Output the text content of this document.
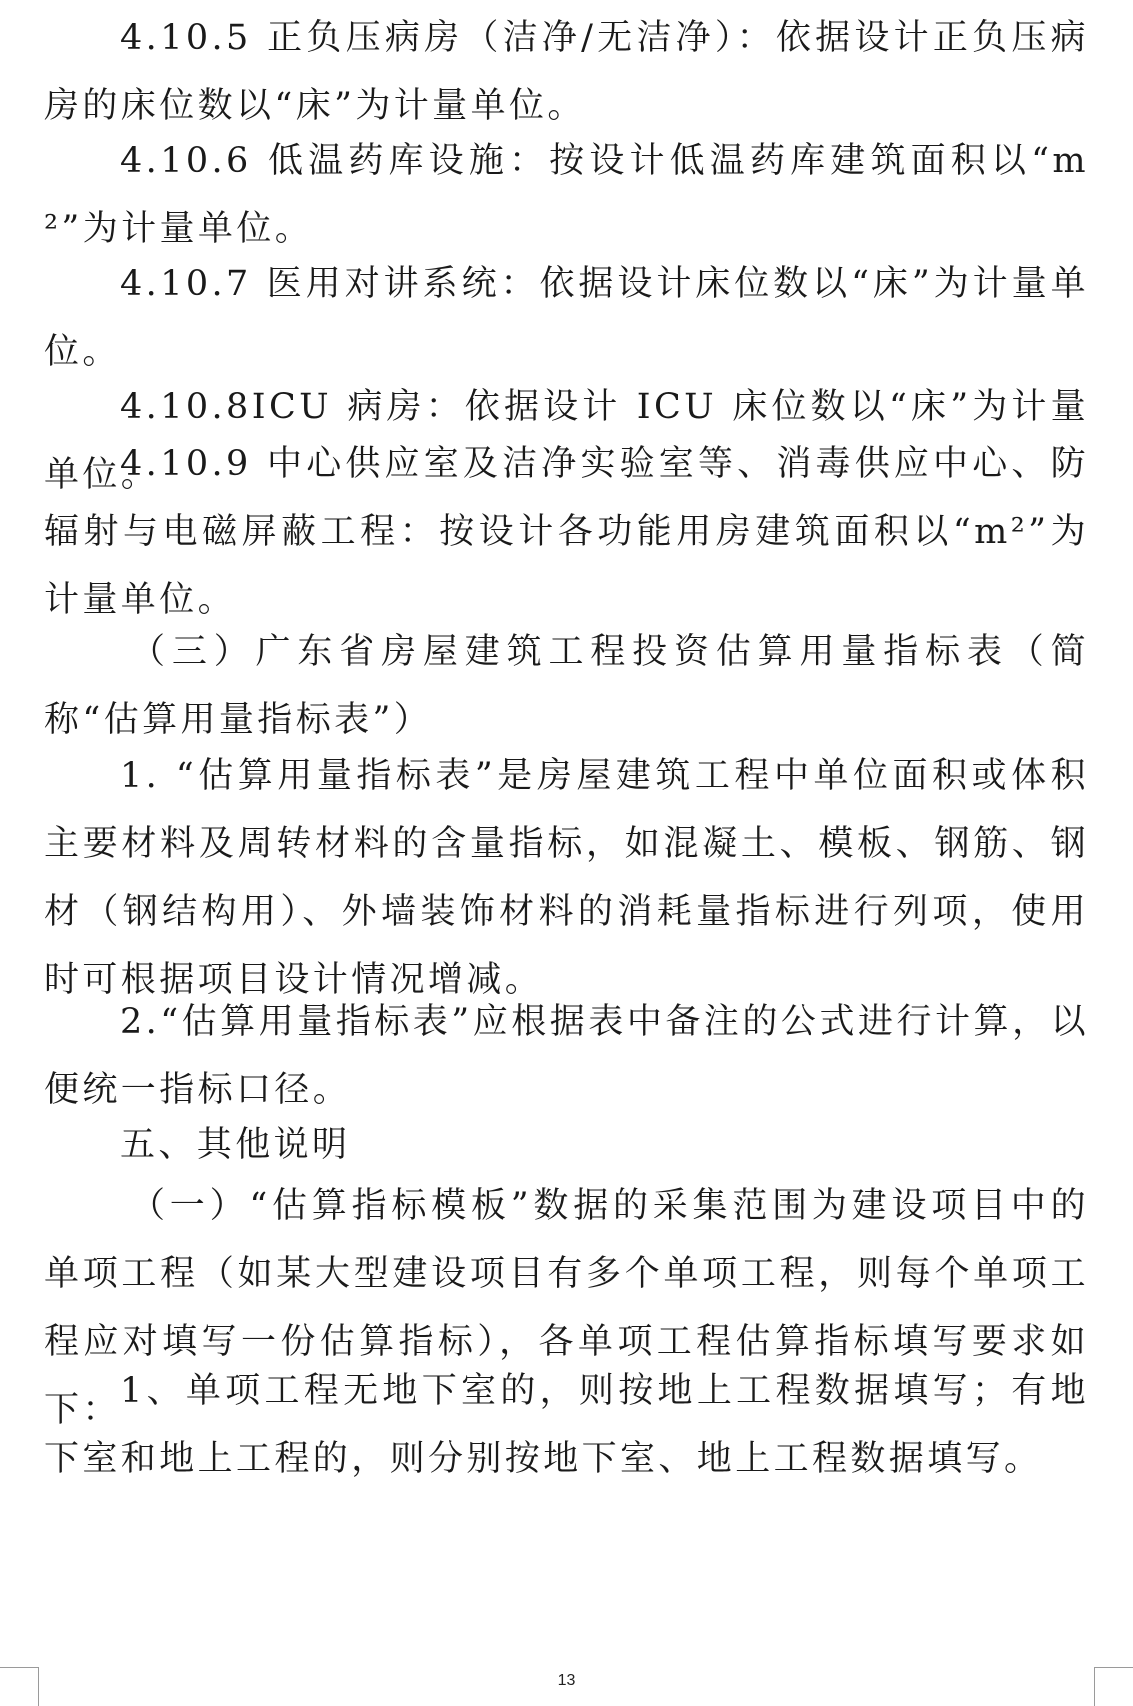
4.10.5 正负压病房（洁净/无洁净）：依据设计正负压病房的床位数以“床”为计量单位。

4.10.6 低温药库设施：按设计低温药库建筑面积以“m²”为计量单位。

4.10.7 医用对讲系统：依据设计床位数以“床”为计量单位。

4.10.8ICU 病房：依据设计 ICU 床位数以“床”为计量单位。

4.10.9 中心供应室及洁净实验室等、消毒供应中心、防辐射与电磁屏蔽工程：按设计各功能用房建筑面积以“m²”为计量单位。

（三）广东省房屋建筑工程投资估算用量指标表（简称“估算用量指标表”）

1. “估算用量指标表”是房屋建筑工程中单位面积或体积主要材料及周转材料的含量指标，如混凝土、模板、钢筋、钢材（钢结构用）、外墙装饰材料的消耗量指标进行列项，使用时可根据项目设计情况增减。

2.“估算用量指标表”应根据表中备注的公式进行计算，以便统一指标口径。

五、其他说明

（一）“估算指标模板”数据的采集范围为建设项目中的单项工程（如某大型建设项目有多个单项工程，则每个单项工程应对填写一份估算指标），各单项工程估算指标填写要求如下： 1、单项工程无地下室的，则按地上工程数据填写；有地下室和地上工程的，则分别按地下室、地上工程数据填写。

13
